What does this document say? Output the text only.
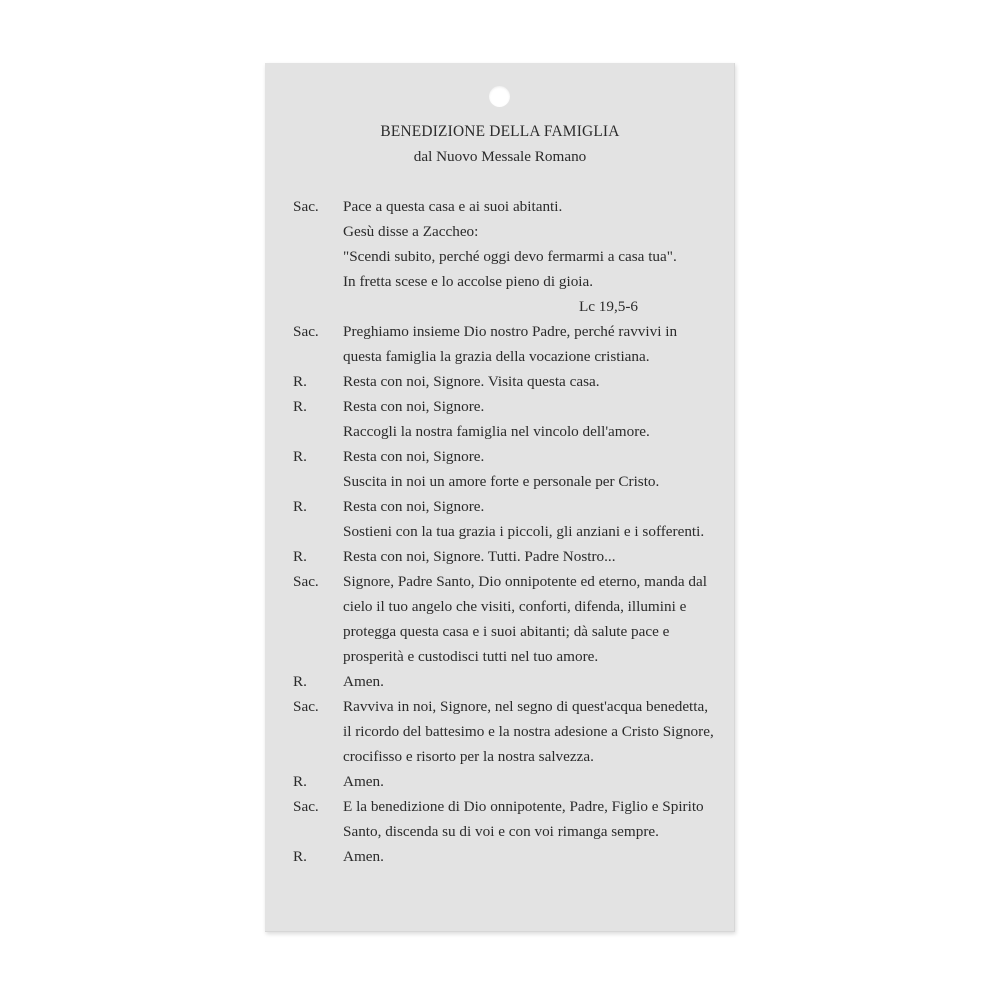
BENEDIZIONE DELLA FAMIGLIA
dal Nuovo Messale Romano
Sac.	Pace a questa casa e ai suoi abitanti.
Gesù disse a Zaccheo:
"Scendi subito, perché oggi devo fermarmi a casa tua".
In fretta scese e lo accolse pieno di gioia.
Lc 19,5-6
Sac.	Preghiamo insieme Dio nostro Padre, perché ravvivi in
questa famiglia la grazia della vocazione cristiana.
R.	Resta con noi, Signore. Visita questa casa.
R.	Resta con noi, Signore.
Raccogli la nostra famiglia nel vincolo dell'amore.
R.	Resta con noi, Signore.
Suscita in noi un amore forte e personale per Cristo.
R.	Resta con noi, Signore.
Sostieni con la tua grazia i piccoli, gli anziani e i sofferenti.
R.	Resta con noi, Signore. Tutti. Padre Nostro...
Sac.	Signore, Padre Santo, Dio onnipotente ed eterno, manda dal
cielo il tuo angelo che visiti, conforti, difenda, illumini e
protegga questa casa e i suoi abitanti; dà salute pace e
prosperità e custodisci tutti nel tuo amore.
R.	Amen.
Sac.	Ravviva in noi, Signore, nel segno di quest'acqua benedetta,
il ricordo del battesimo e la nostra adesione a Cristo Signore,
crocifisso e risorto per la nostra salvezza.
R.	Amen.
Sac.	E la benedizione di Dio onnipotente, Padre, Figlio e Spirito
Santo, discenda su di voi e con voi rimanga sempre.
R.	Amen.
